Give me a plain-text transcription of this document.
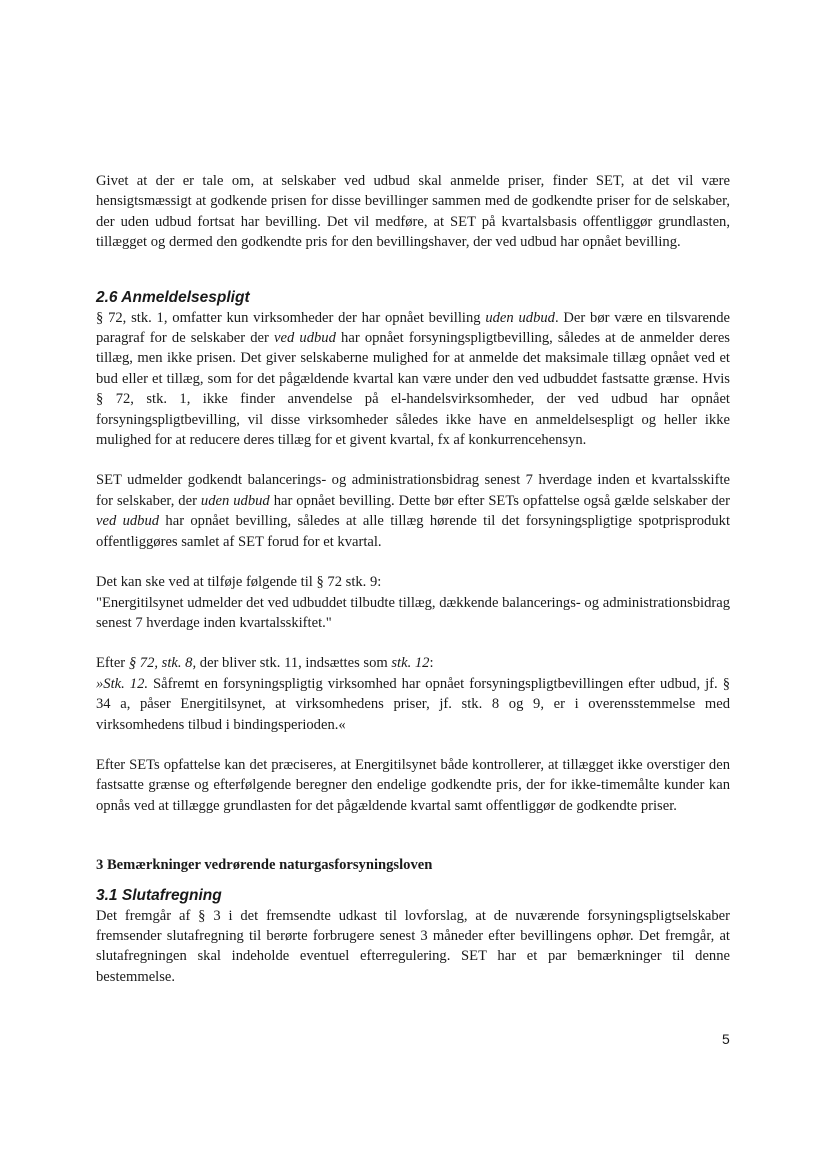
Givet at der er tale om, at selskaber ved udbud skal anmelde priser, finder SET, at det vil være hensigtsmæssigt at godkende prisen for disse bevillinger sammen med de godkendte priser for de selskaber, der uden udbud fortsat har bevilling. Det vil medføre, at SET på kvartalsbasis offentliggør grundlasten, tillægget og dermed den godkendte pris for den bevillingshaver, der ved udbud har opnået bevilling.

2.6 Anmeldelsespligt

§ 72, stk. 1, omfatter kun virksomheder der har opnået bevilling uden udbud. Der bør være en tilsvarende paragraf for de selskaber der ved udbud har opnået forsyningspligtbevilling, således at de anmelder deres tillæg, men ikke prisen. Det giver selskaberne mulighed for at anmelde det maksimale tillæg opnået ved et bud eller et tillæg, som for det pågældende kvartal kan være under den ved udbuddet fastsatte grænse. Hvis § 72, stk. 1, ikke finder anvendelse på el-handelsvirksomheder, der ved udbud har opnået forsyningspligtbevilling, vil disse virksomheder således ikke have en anmeldelsespligt og heller ikke mulighed for at reducere deres tillæg for et givent kvartal, fx af konkurrencehensyn.

SET udmelder godkendt balancerings- og administrationsbidrag senest 7 hverdage inden et kvartalsskifte for selskaber, der uden udbud har opnået bevilling. Dette bør efter SETs opfattelse også gælde selskaber der ved udbud har opnået bevilling, således at alle tillæg hørende til det forsyningspligtige spotprisprodukt offentliggøres samlet af SET forud for et kvartal.

Det kan ske ved at tilføje følgende til § 72 stk. 9:

"Energitilsynet udmelder det ved udbuddet tilbudte tillæg, dækkende balancerings- og administrationsbidrag senest 7 hverdage inden kvartalsskiftet."

Efter § 72, stk. 8, der bliver stk. 11, indsættes som stk. 12:

»Stk. 12. Såfremt en forsyningspligtig virksomhed har opnået forsyningspligtbevillingen efter udbud, jf. § 34 a, påser Energitilsynet, at virksomhedens priser, jf. stk. 8 og 9, er i overensstemmelse med virksomhedens tilbud i bindingsperioden.«

Efter SETs opfattelse kan det præciseres, at Energitilsynet både kontrollerer, at tillægget ikke overstiger den fastsatte grænse og efterfølgende beregner den endelige godkendte pris, der for ikke-timemålte kunder kan opnås ved at tillægge grundlasten for det pågældende kvartal samt offentliggør de godkendte priser.

3 Bemærkninger vedrørende naturgasforsyningsloven

3.1 Slutafregning

Det fremgår af § 3 i det fremsendte udkast til lovforslag, at de nuværende forsyningspligtselskaber fremsender slutafregning til berørte forbrugere senest 3 måneder efter bevillingens ophør. Det fremgår, at slutafregningen skal indeholde eventuel efterregulering. SET har et par bemærkninger til denne bestemmelse.

5
